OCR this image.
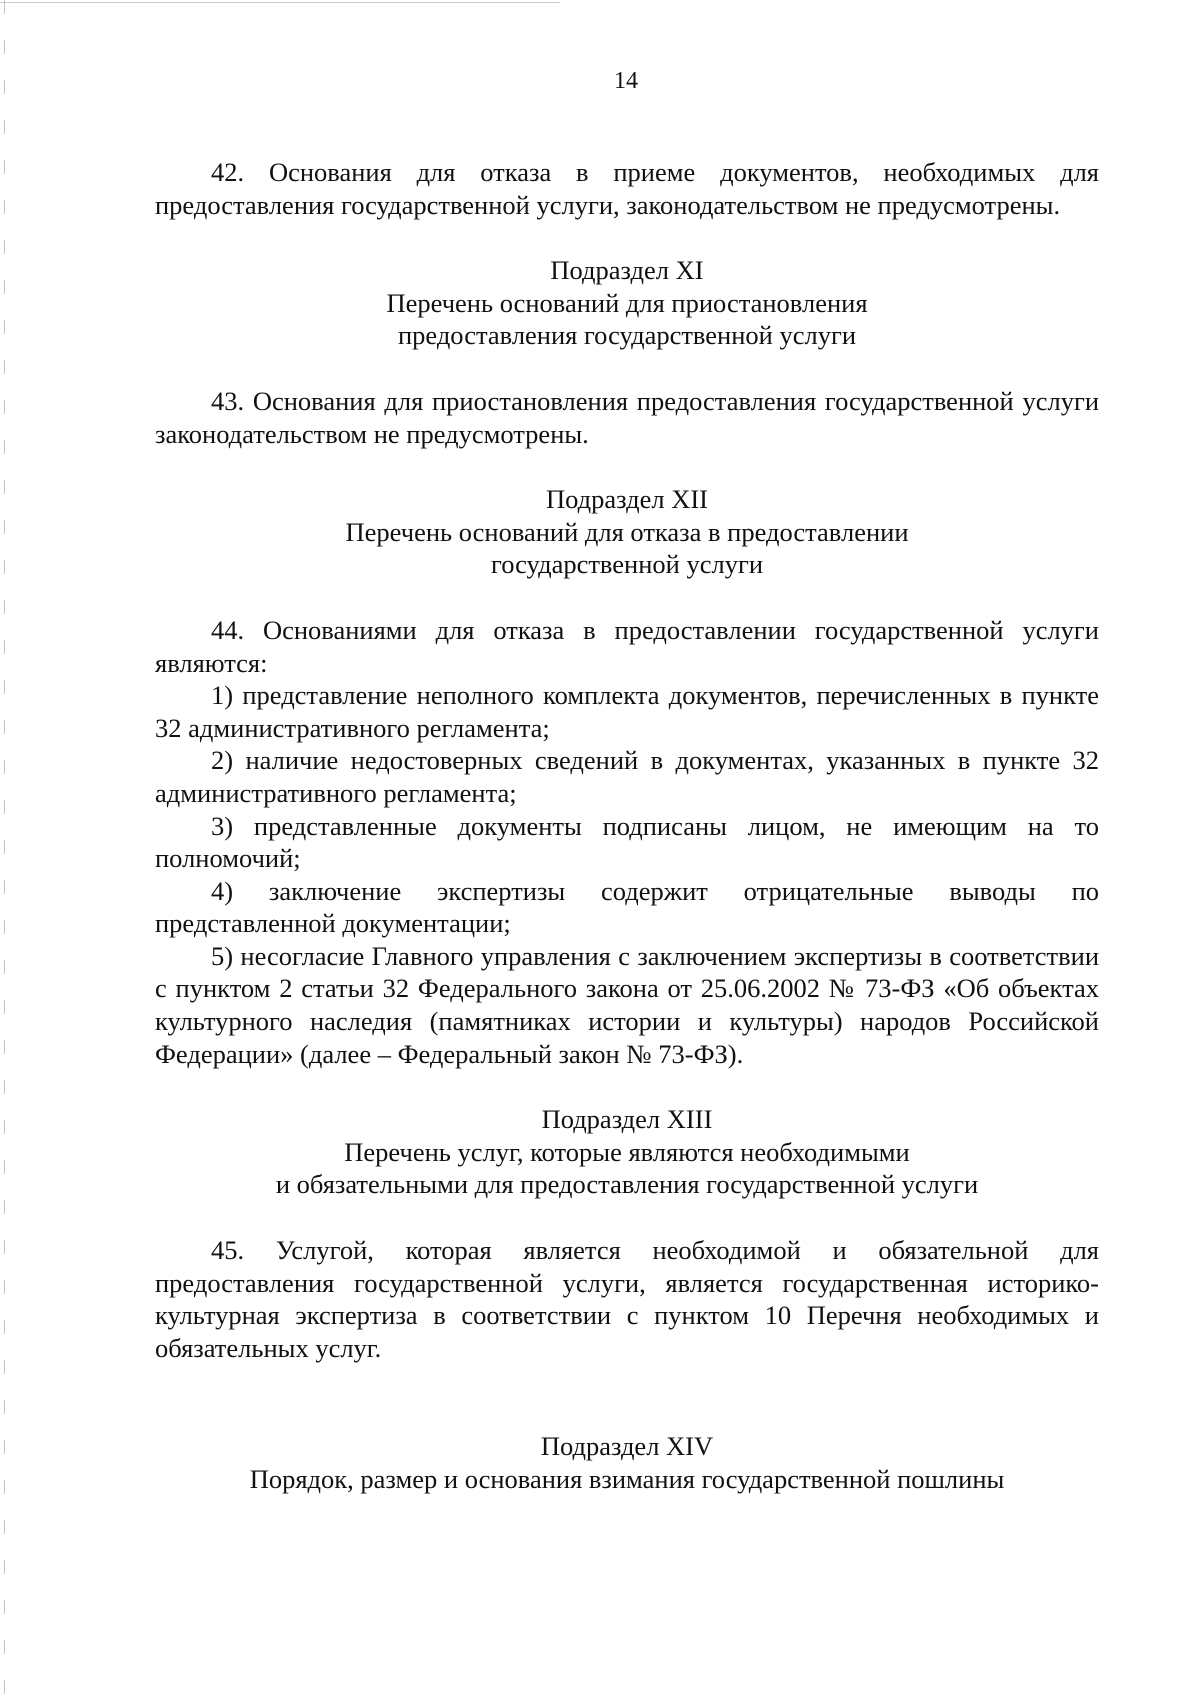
14

42. Основания для отказа в приеме документов, необходимых для предоставления государственной услуги, законодательством не предусмотрены.

Подраздел XI

Перечень оснований для приостановления

предоставления государственной услуги

43. Основания для приостановления предоставления государственной услуги законодательством не предусмотрены.

Подраздел XII

Перечень оснований для отказа в предоставлении

государственной услуги

44. Основаниями для отказа в предоставлении государственной услуги являются:

1) представление неполного комплекта документов, перечисленных в пункте 32 административного регламента;

2) наличие недостоверных сведений в документах, указанных в пункте 32 административного регламента;

3) представленные документы подписаны лицом, не имеющим на то полномочий;

4) заключение экспертизы содержит отрицательные выводы по представленной документации;

5) несогласие Главного управления с заключением экспертизы в соответствии с пунктом 2 статьи 32 Федерального закона от 25.06.2002 № 73-ФЗ «Об объектах культурного наследия (памятниках истории и культуры) народов Российской Федерации» (далее – Федеральный закон № 73-ФЗ).

Подраздел XIII

Перечень услуг, которые являются необходимыми

и обязательными для предоставления государственной услуги

45. Услугой, которая является необходимой и обязательной для предоставления государственной услуги, является государственная историко-культурная экспертиза в соответствии с пунктом 10 Перечня необходимых и обязательных услуг.

Подраздел XIV

Порядок, размер и основания взимания государственной пошлины
